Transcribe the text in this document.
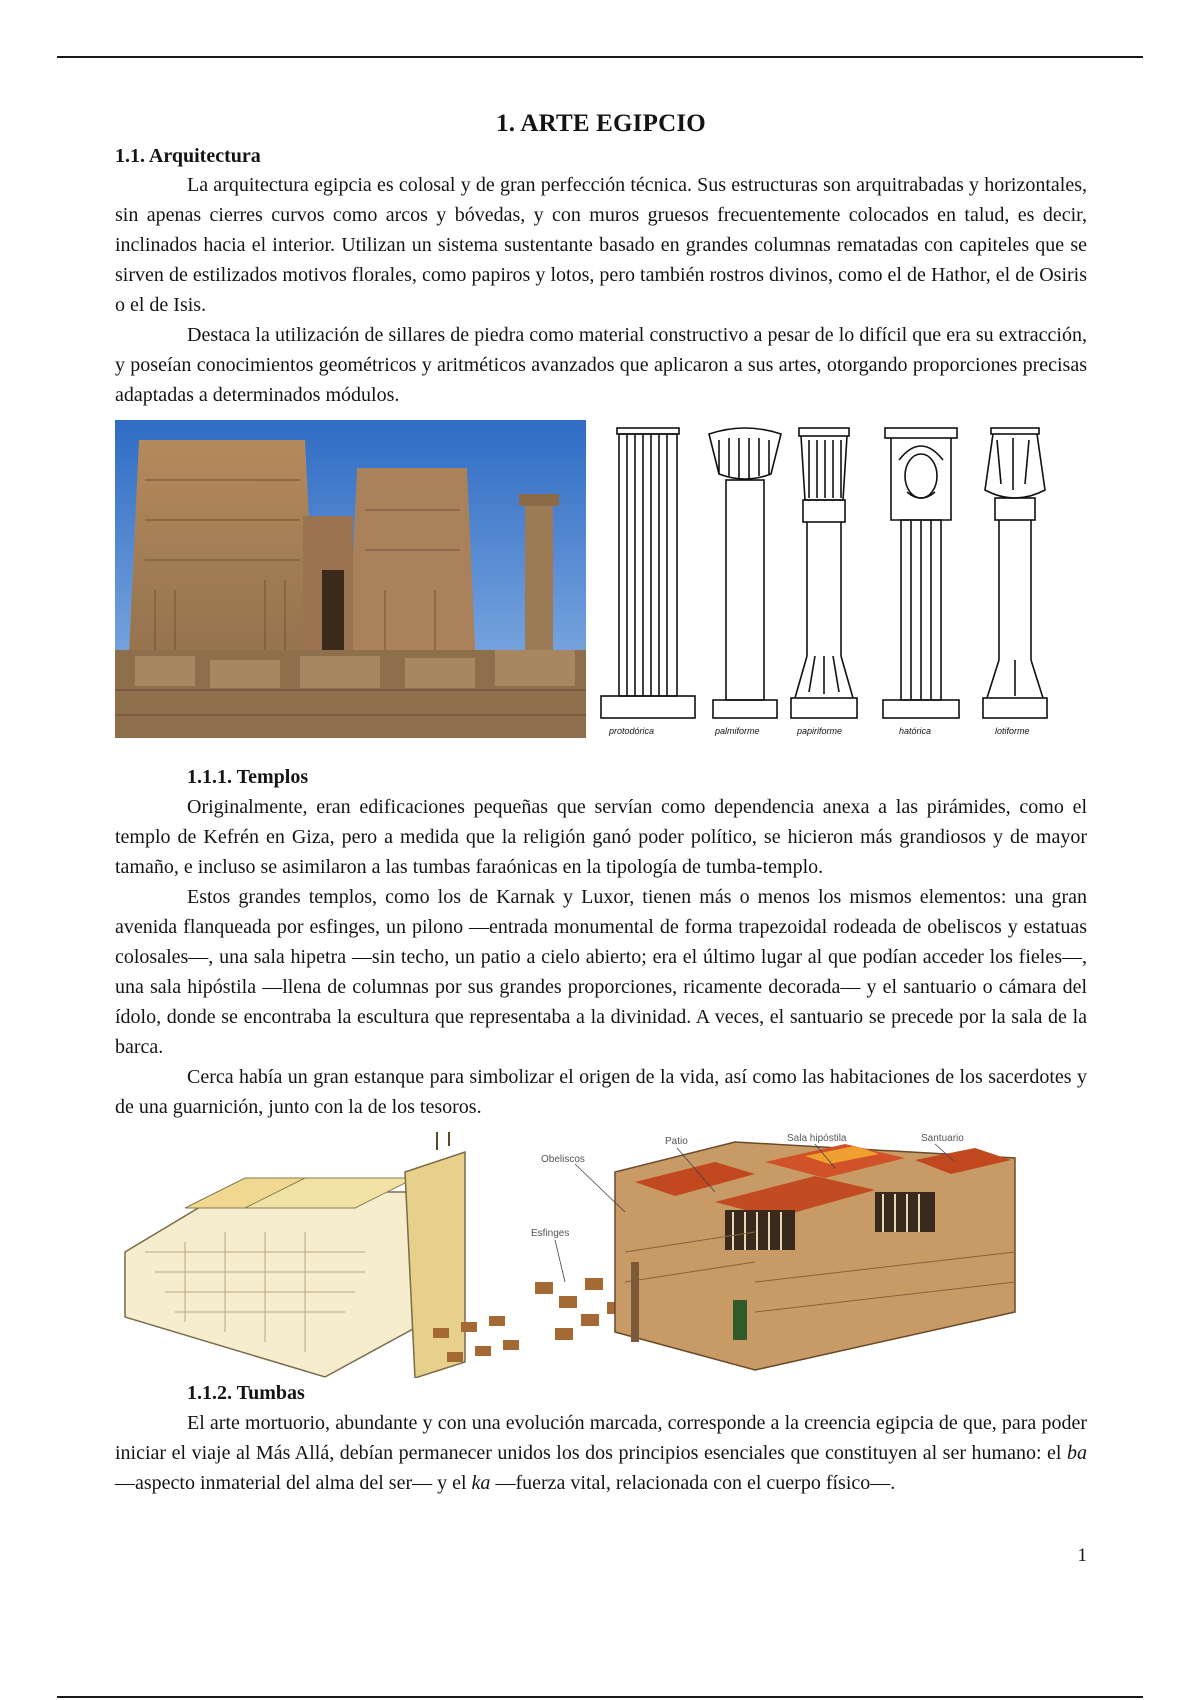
1. ARTE EGIPCIO
1.1. Arquitectura

La arquitectura egipcia es colosal y de gran perfección técnica. Sus estructuras son arquitrabadas y horizontales, sin apenas cierres curvos como arcos y bóvedas, y con muros gruesos frecuentemente colocados en talud, es decir, inclinados hacia el interior. Utilizan un sistema sustentante basado en grandes columnas rematadas con capiteles que se sirven de estilizados motivos florales, como papiros y lotos, pero también rostros divinos, como el de Hathor, el de Osiris o el de Isis.

Destaca la utilización de sillares de piedra como material constructivo a pesar de lo difícil que era su extracción, y poseían conocimientos geométricos y aritméticos avanzados que aplicaron a sus artes, otorgando proporciones precisas adaptadas a determinados módulos.

1.1.1. Templos

Originalmente, eran edificaciones pequeñas que servían como dependencia anexa a las pirámides, como el templo de Kefrén en Giza, pero a medida que la religión ganó poder político, se hicieron más grandiosos y de mayor tamaño, e incluso se asimilaron a las tumbas faraónicas en la tipología de tumba-templo.

Estos grandes templos, como los de Karnak y Luxor, tienen más o menos los mismos elementos: una gran avenida flanqueada por esfinges, un pilono —entrada monumental de forma trapezoidal rodeada de obeliscos y estatuas colosales—, una sala hipetra —sin techo, un patio a cielo abierto; era el último lugar al que podían acceder los fieles—, una sala hipóstila —llena de columnas por sus grandes proporciones, ricamente decorada— y el santuario o cámara del ídolo, donde se encontraba la escultura que representaba a la divinidad. A veces, el santuario se precede por la sala de la barca.

Cerca había un gran estanque para simbolizar el origen de la vida, así como las habitaciones de los sacerdotes y de una guarnición, junto con la de los tesoros.

Obeliscos
Patio	Sala hipóstila	Santuario
Esfinges
1.1.2. Tumbas

El arte mortuorio, abundante y con una evolución marcada, corresponde a la creencia egipcia de que, para poder iniciar el viaje al Más Allá, debían permanecer unidos los dos principios esenciales que constituyen al ser humano: el ba —aspecto inmaterial del alma del ser— y el ka —fuerza vital, relacionada con el cuerpo físico—.

1
protodórica	palmiforme	papiriforme	hatórica	lotiforme
